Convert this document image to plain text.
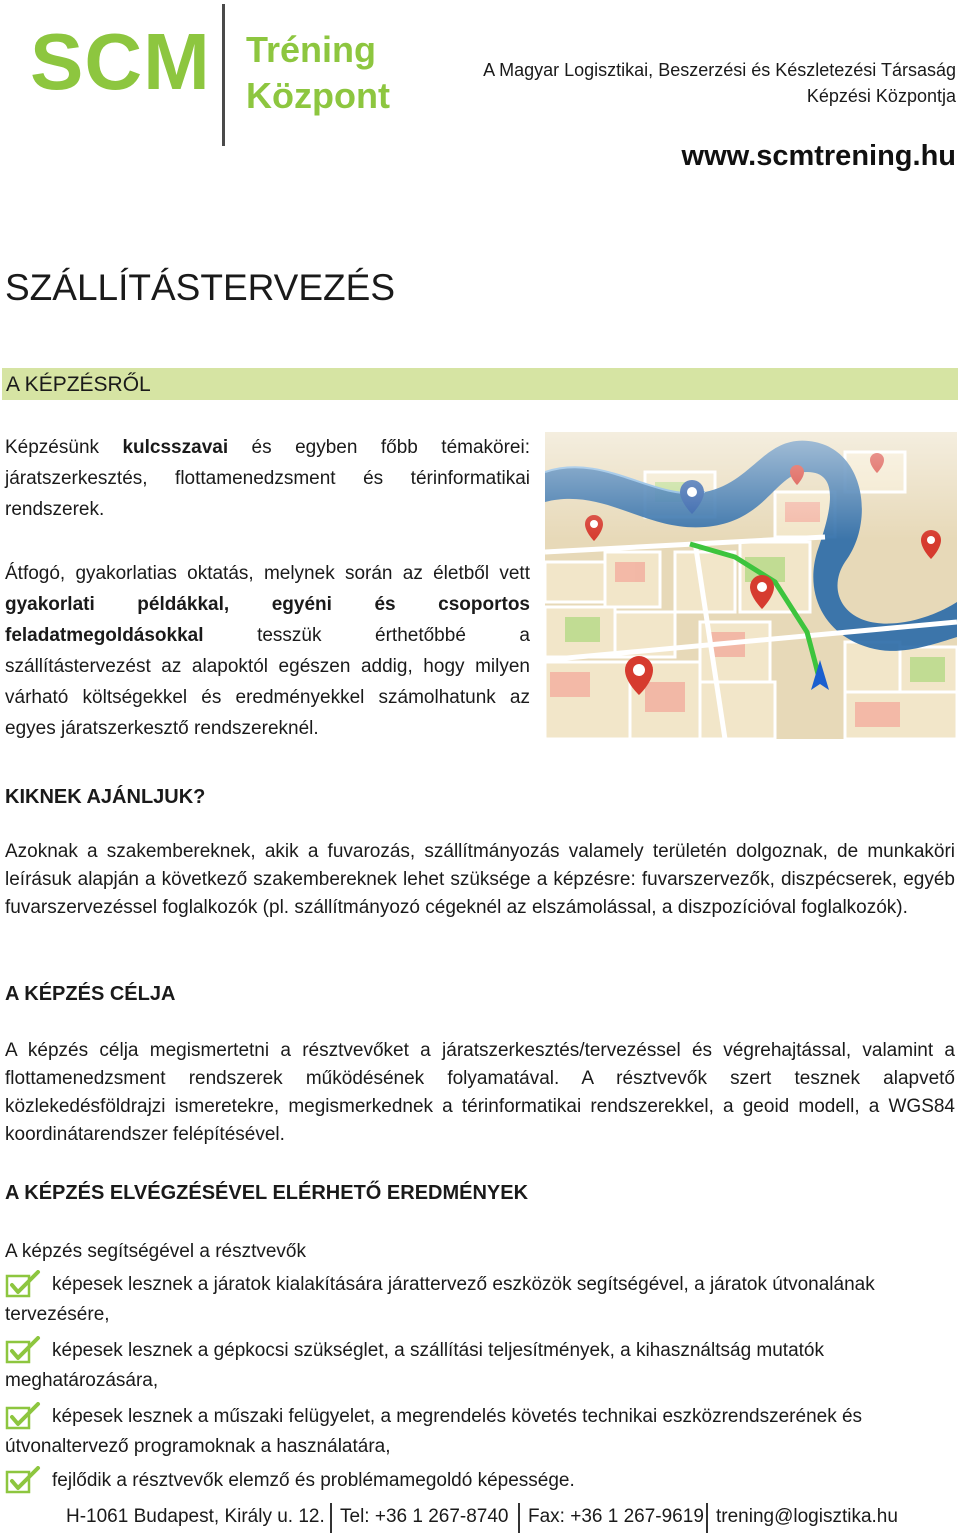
SCM Tréning
Központ
A Magyar Logisztikai, Beszerzési és Készletezési Társaság
Képzési Központja
www.scmtrening.hu
SZÁLLÍTÁSTERVEZÉS
A KÉPZÉSRŐL
Képzésünk kulcsszavai és egyben főbb témakörei: járatszerkesztés, flottamenedzsment és térinformatikai rendszerek.
Átfogó, gyakorlatias oktatás, melynek során az életből vett gyakorlati példákkal, egyéni és csoportos feladatmegoldásokkal tesszük érthetőbbé a szállítástervezést az alapoktól egészen addig, hogy milyen várható költségekkel és eredményekkel számolhatunk az egyes járatszerkesztő rendszereknél.
KIKNEK AJÁNLJUK?
Azoknak a szakembereknek, akik a fuvarozás, szállítmányozás valamely területén dolgoznak, de munkaköri leírásuk alapján a következő szakembereknek lehet szüksége a képzésre: fuvarszervezők, diszpécserek, egyéb fuvarszervezéssel foglalkozók (pl. szállítmányozó cégeknél az elszámolással, a diszpozícióval foglalkozók).
A KÉPZÉS CÉLJA
A képzés célja megismertetni a résztvevőket a járatszerkesztés/tervezéssel és végrehajtással, valamint a flottamenedzsment rendszerek működésének folyamatával. A résztvevők szert tesznek alapvető közlekedésföldrajzi ismeretekre, megismerkednek a térinformatikai rendszerekkel, a geoid modell, a WGS84 koordinátarendszer felépítésével.
A KÉPZÉS ELVÉGZÉSÉVEL ELÉRHETŐ EREDMÉNYEK
A képzés segítségével a résztvevők
képesek lesznek a járatok kialakítására járattervező eszközök segítségével, a járatok útvonalának tervezésére,
képesek lesznek a gépkocsi szükséglet, a szállítási teljesítmények, a kihasználtság mutatók meghatározására,
képesek lesznek a műszaki felügyelet, a megrendelés követés technikai eszközrendszerének és útvonaltervező programoknak a használatára,
fejlődik a résztvevők elemző és problémamegoldó képessége.
H-1061 Budapest, Király u. 12. Tel: +36 1 267-8740 Fax: +36 1 267-9619 trening@logisztika.hu
